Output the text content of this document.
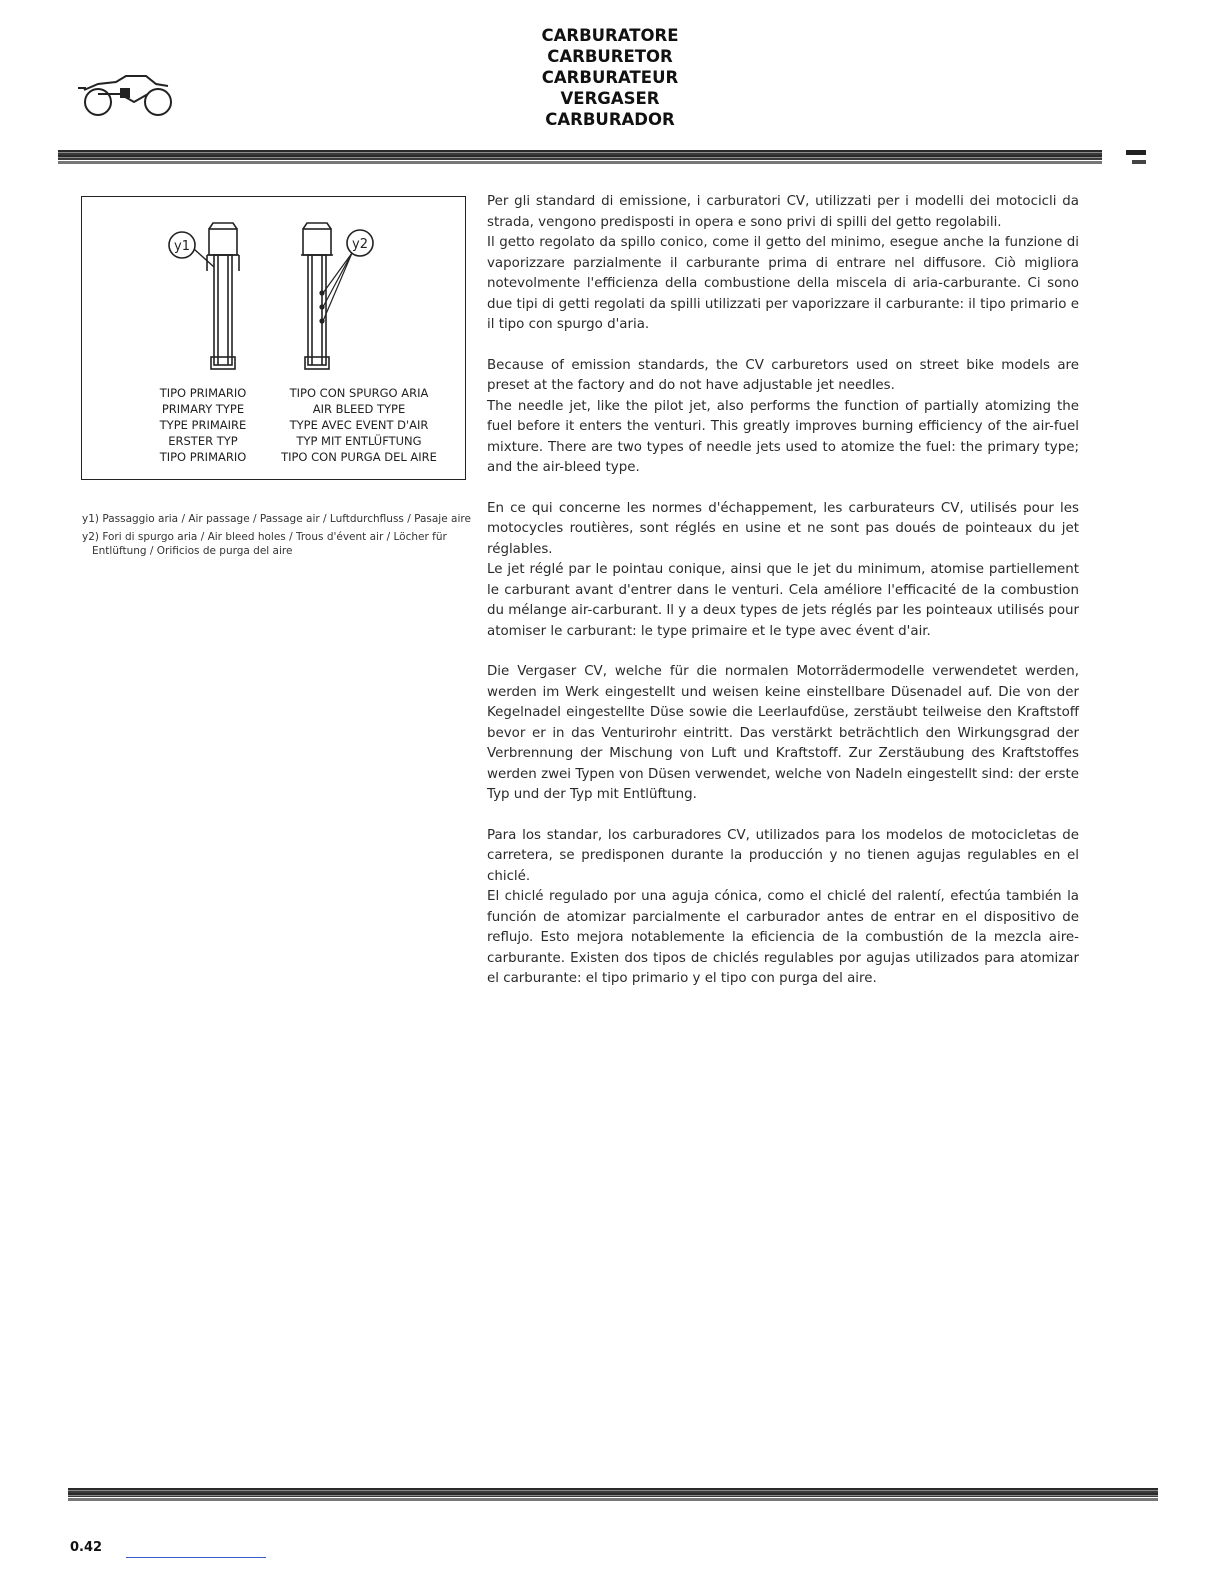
CARBURATORE
CARBURETOR
CARBURATEUR
VERGASER
CARBURADOR
y1	y2
TIPO PRIMARIO
PRIMARY TYPE
TYPE PRIMAIRE
ERSTER TYP
TIPO PRIMARIO
TIPO CON SPURGO ARIA
AIR BLEED TYPE
TYPE AVEC EVENT D'AIR
TYP MIT ENTLÜFTUNG
TIPO CON PURGA DEL AIRE

y1) Passaggio aria / Air passage / Passage air / Luftdurchfluss / Pasaje aire

y2) Fori di spurgo aria / Air bleed holes / Trous d'évent air / Löcher für Entlüftung / Orificios de purga del aire

Per gli standard di emissione, i carburatori CV, utilizzati per i modelli dei motocicli da strada, vengono predisposti in opera e sono privi di spilli del getto regolabili.

Il getto regolato da spillo conico, come il getto del minimo, esegue anche la funzione di vaporizzare parzialmente il carburante prima di entrare nel diffusore. Ciò migliora notevolmente l'efficienza della combustione della miscela di aria-carburante. Ci sono due tipi di getti regolati da spilli utilizzati per vaporizzare il carburante: il tipo primario e il tipo con spurgo d'aria.

Because of emission standards, the CV carburetors used on street bike models are preset at the factory and do not have adjustable jet needles.

The needle jet, like the pilot jet, also performs the function of partially atomizing the fuel before it enters the venturi. This greatly improves burning efficiency of the air-fuel mixture. There are two types of needle jets used to atomize the fuel: the primary type; and the air-bleed type.

En ce qui concerne les normes d'échappement, les carburateurs CV, utilisés pour les motocycles routières, sont réglés en usine et ne sont pas doués de pointeaux du jet réglables.

Le jet réglé par le pointau conique, ainsi que le jet du minimum, atomise partiellement le carburant avant d'entrer dans le venturi. Cela améliore l'efficacité de la combustion du mélange air-carburant. Il y a deux types de jets réglés par les pointeaux utilisés pour atomiser le carburant: le type primaire et le type avec évent d'air.

Die Vergaser CV, welche für die normalen Motorrädermodelle verwendetet werden, werden im Werk eingestellt und weisen keine einstellbare Düsenadel auf. Die von der Kegelnadel eingestellte Düse sowie die Leerlaufdüse, zerstäubt teilweise den Kraftstoff bevor er in das Venturirohr eintritt. Das verstärkt beträchtlich den Wirkungsgrad der Verbrennung der Mischung von Luft und Kraftstoff. Zur Zerstäubung des Kraftstoffes werden zwei Typen von Düsen verwendet, welche von Nadeln eingestellt sind: der erste Typ und der Typ mit Entlüftung.

Para los standar, los carburadores CV, utilizados para los modelos de motocicletas de carretera, se predisponen durante la producción y no tienen agujas regulables en el chiclé.

El chiclé regulado por una aguja cónica, como el chiclé del ralentí, efectúa también la función de atomizar parcialmente el carburador antes de entrar en el dispositivo de reflujo. Esto mejora notablemente la eficiencia de la combustión de la mezcla aire-carburante. Existen dos tipos de chiclés regulables por agujas utilizados para atomizar el carburante: el tipo primario y el tipo con purga del aire.

0.42
